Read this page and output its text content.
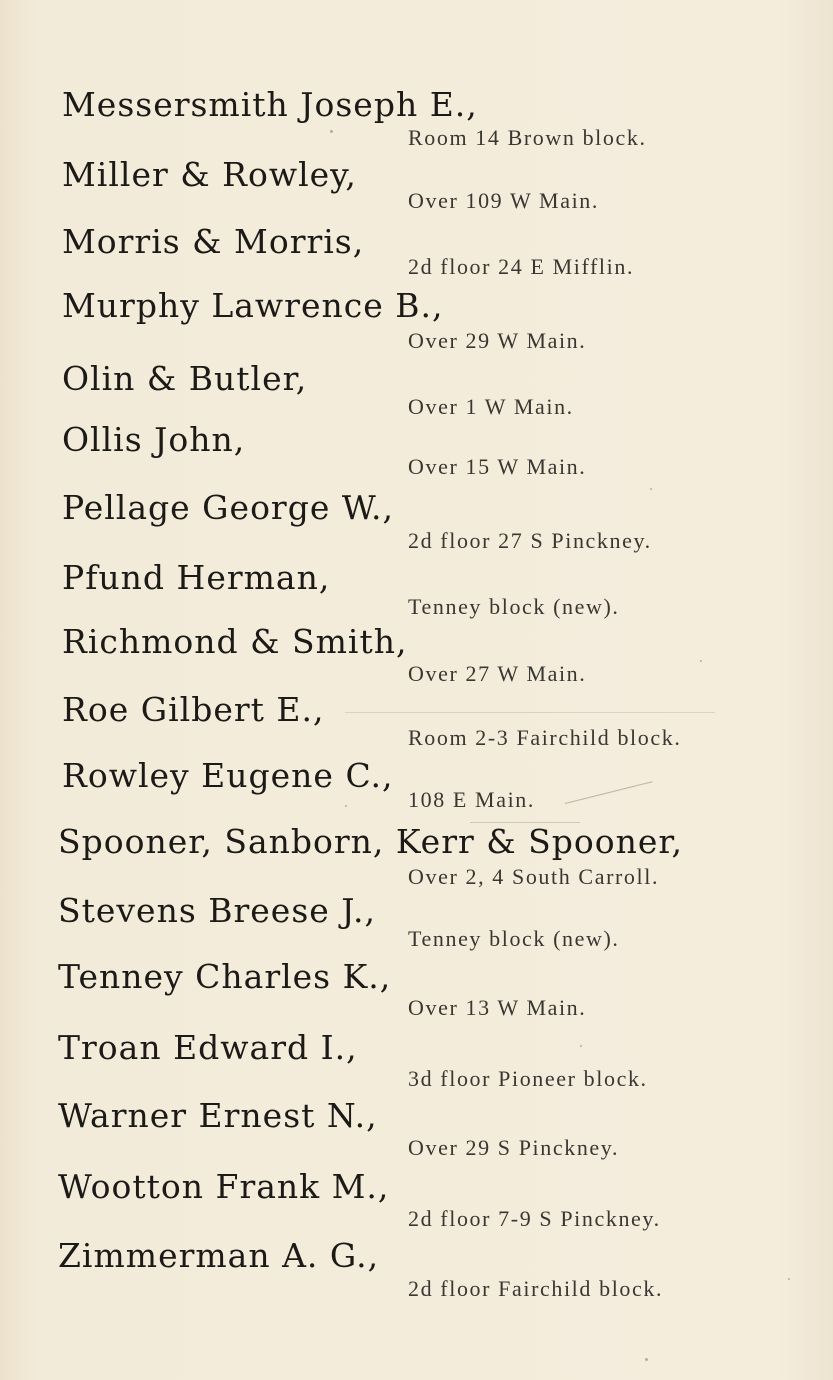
Messersmith Joseph E.,
Room 14 Brown block.
Miller & Rowley,
Over 109 W Main.
Morris & Morris,
2d floor 24 E Mifflin.
Murphy Lawrence B.,
Over 29 W Main.
Olin & Butler,
Over 1 W Main.
Ollis John,
Over 15 W Main.
Pellage George W.,
2d floor 27 S Pinckney.
Pfund Herman,
Tenney block (new).
Richmond & Smith,
Over 27 W Main.
Roe Gilbert E.,
Room 2-3 Fairchild block.
Rowley Eugene C.,
108 E Main.
Spooner, Sanborn, Kerr & Spooner,
Over 2, 4 South Carroll.
Stevens Breese J.,
Tenney block (new).
Tenney Charles K.,
Over 13 W Main.
Troan Edward I.,
3d floor Pioneer block.
Warner Ernest N.,
Over 29 S Pinckney.
Wootton Frank M.,
2d floor 7-9 S Pinckney.
Zimmerman A. G.,
2d floor Fairchild block.
